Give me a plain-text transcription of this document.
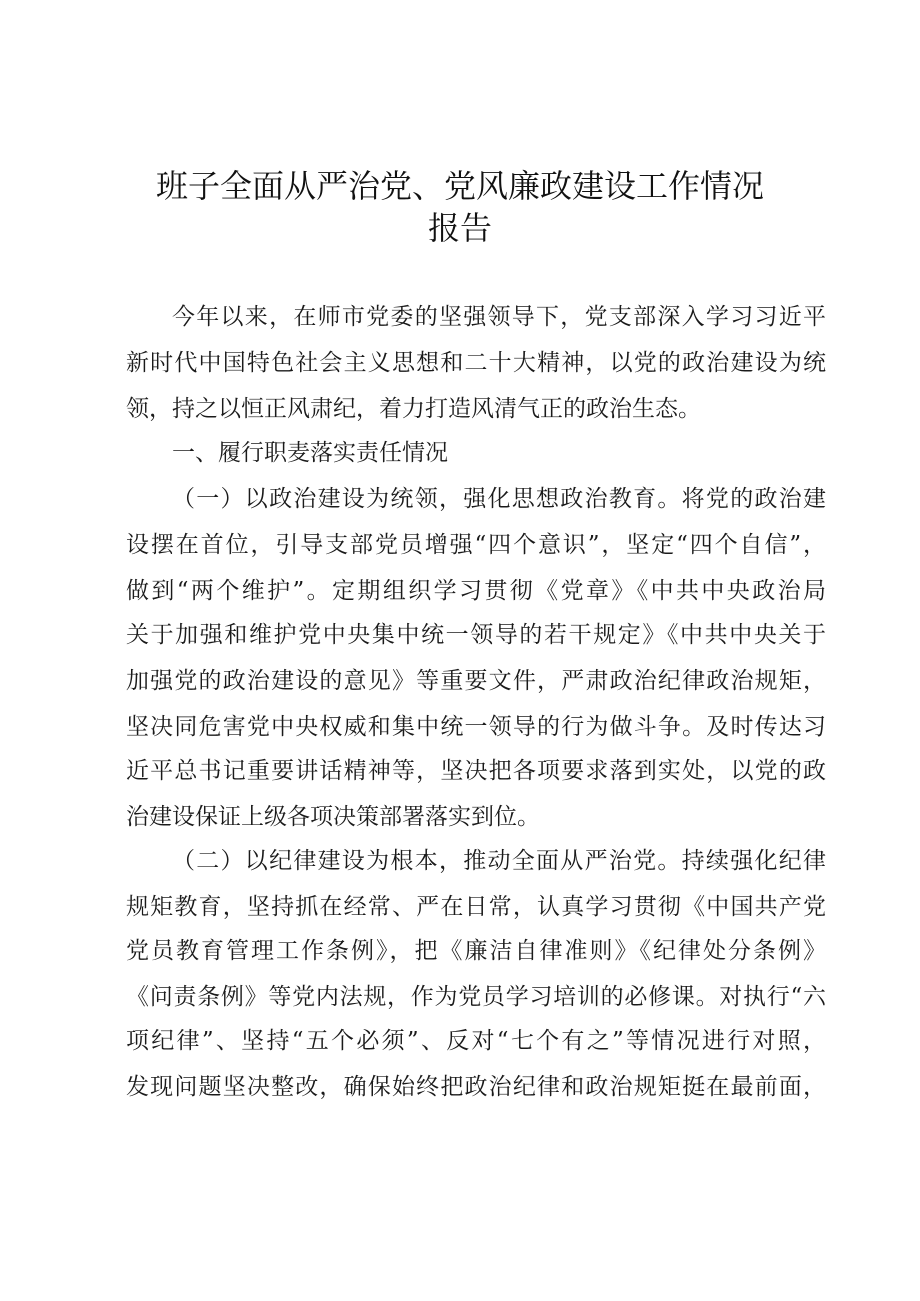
班子全面从严治党、党风廉政建设工作情况
报告
今年以来，在师市党委的坚强领导下，党支部深入学习习近平
新时代中国特色社会主义思想和二十大精神，以党的政治建设为统
领，持之以恒正风肃纪，着力打造风清气正的政治生态。
一、履行职麦落实责任情况
（一）以政治建设为统领，强化思想政治教育。将党的政治建
设摆在首位，引导支部党员增强“四个意识”，坚定“四个自信”，
做到“两个维护”。定期组织学习贯彻《党章》《中共中央政治局
关于加强和维护党中央集中统一领导的若干规定》《中共中央关于
加强党的政治建设的意见》等重要文件，严肃政治纪律政治规矩，
坚决同危害党中央权威和集中统一领导的行为做斗争。及时传达习
近平总书记重要讲话精神等，坚决把各项要求落到实处，以党的政
治建设保证上级各项决策部署落实到位。
（二）以纪律建设为根本，推动全面从严治党。持续强化纪律
规矩教育，坚持抓在经常、严在日常，认真学习贯彻《中国共产党
党员教育管理工作条例》，把《廉洁自律准则》《纪律处分条例》
《问责条例》等党内法规，作为党员学习培训的必修课。对执行“六
项纪律”、坚持“五个必须”、反对“七个有之”等情况进行对照，
发现问题坚决整改，确保始终把政治纪律和政治规矩挺在最前面，
